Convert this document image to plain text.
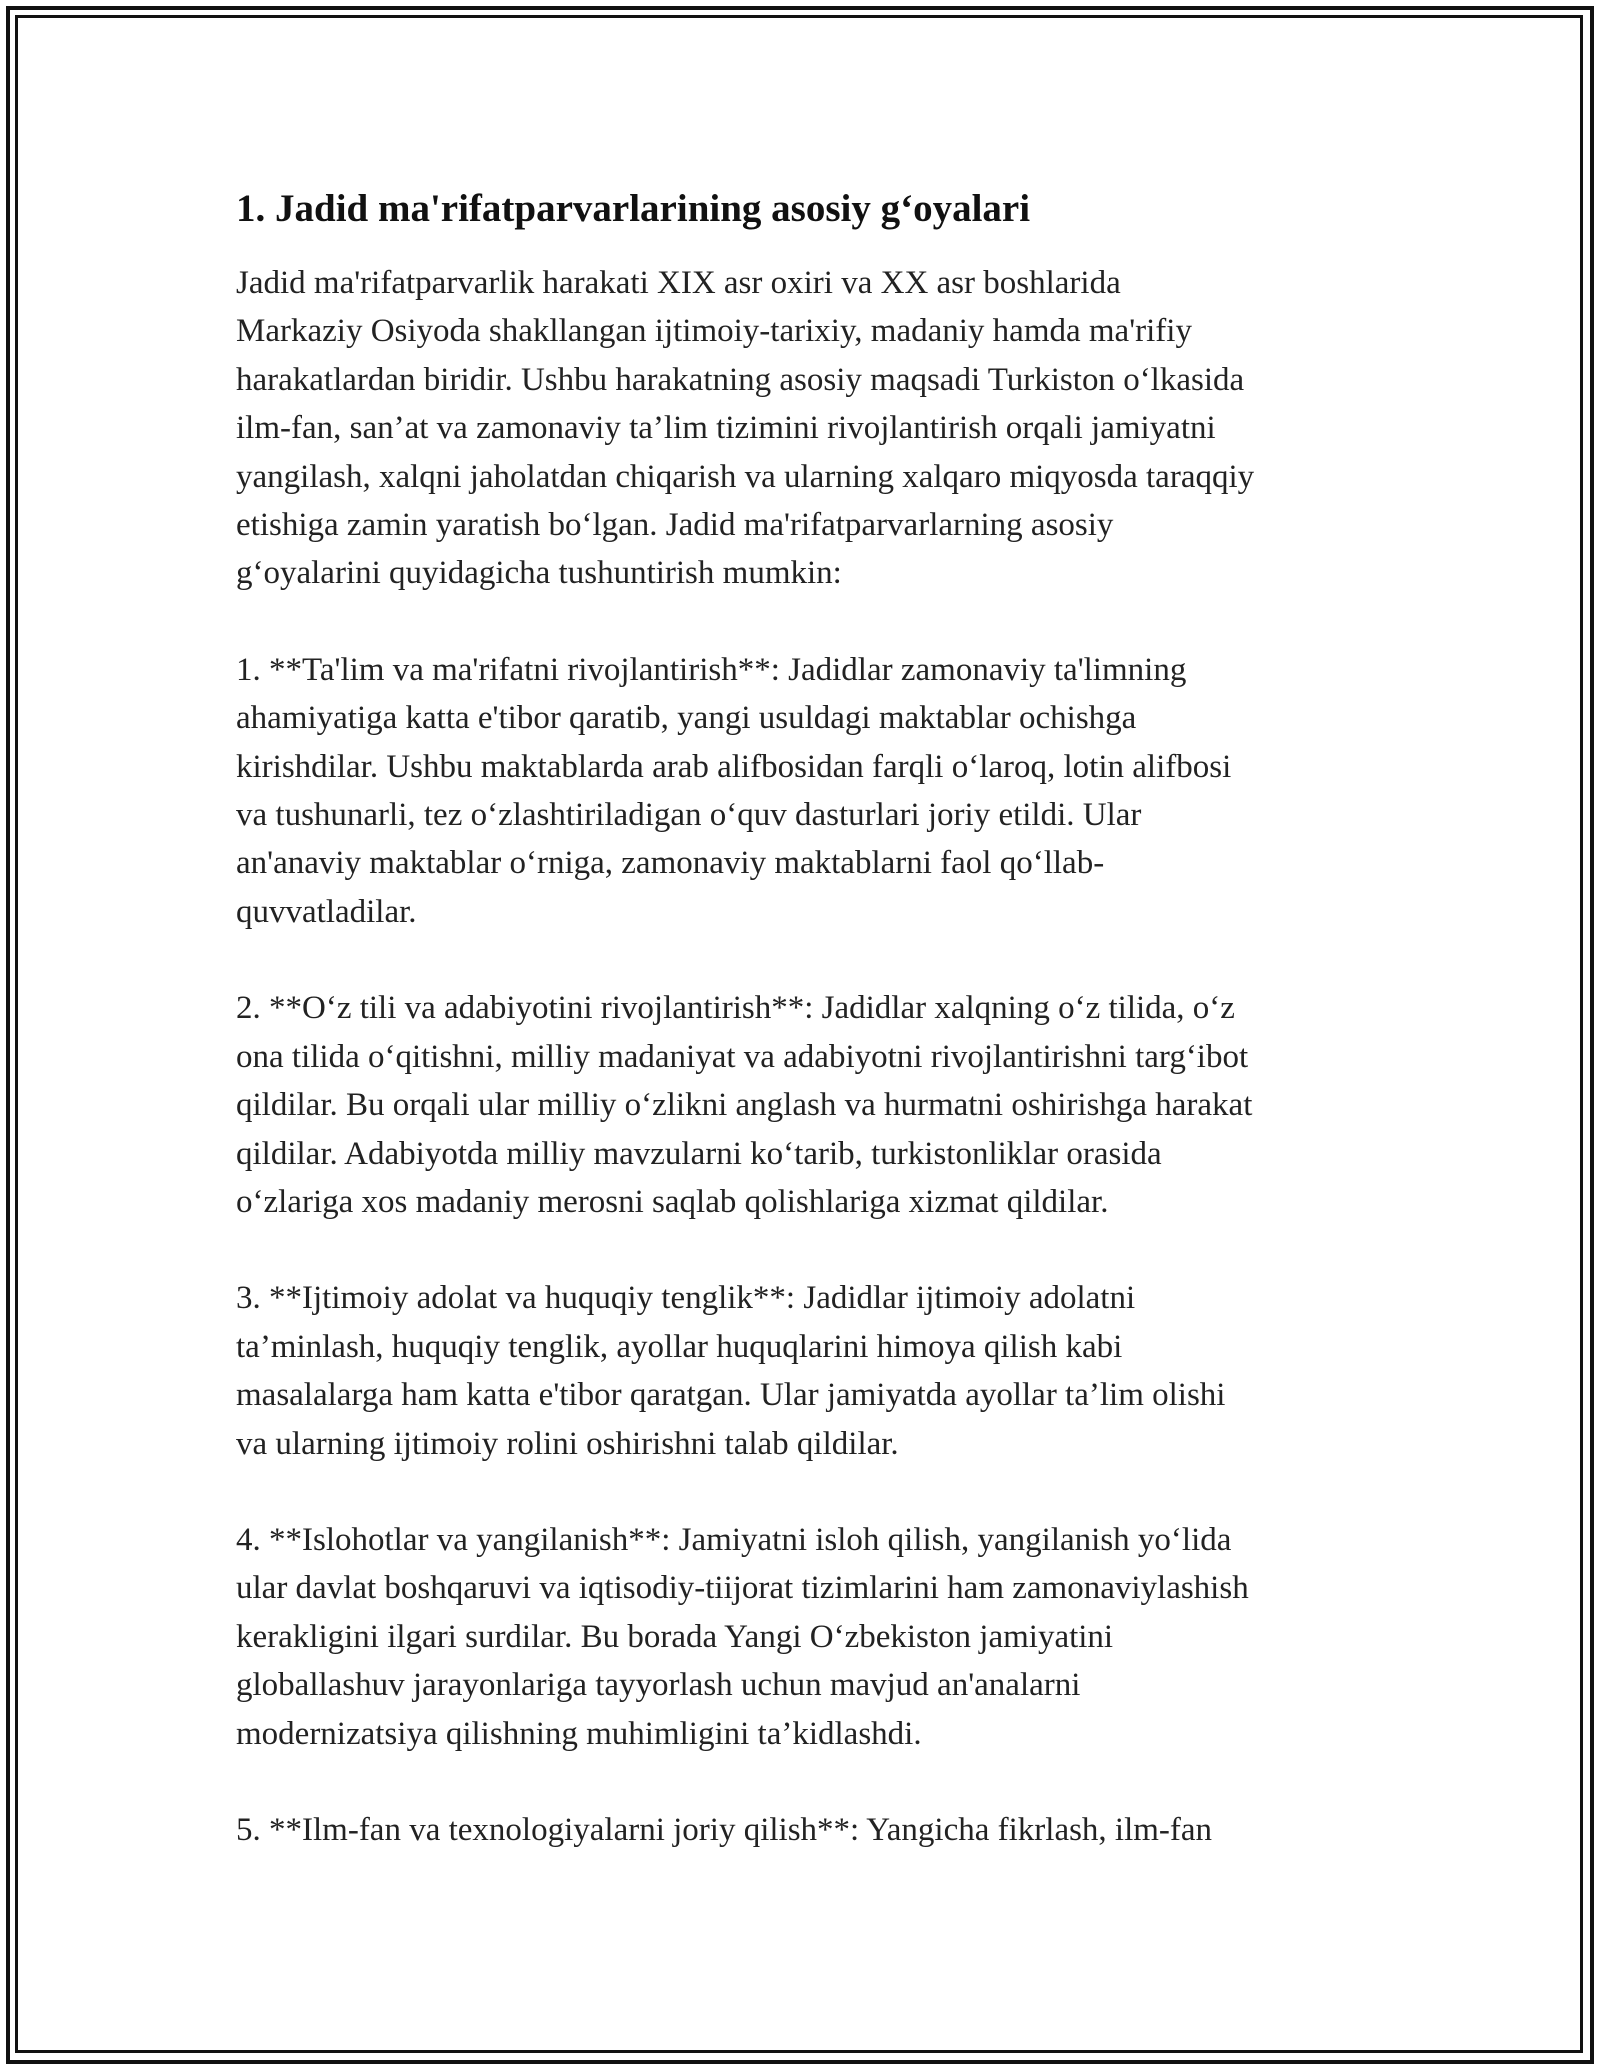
1. Jadid ma'rifatparvarlarining asosiy g‘oyalari

Jadid ma'rifatparvarlik harakati XIX asr oxiri va XX asr boshlarida
Markaziy Osiyoda shakllangan ijtimoiy-tarixiy, madaniy hamda ma'rifiy
harakatlardan biridir. Ushbu harakatning asosiy maqsadi Turkiston o‘lkasida
ilm-fan, san’at va zamonaviy ta’lim tizimini rivojlantirish orqali jamiyatni
yangilash, xalqni jaholatdan chiqarish va ularning xalqaro miqyosda taraqqiy
etishiga zamin yaratish bo‘lgan. Jadid ma'rifatparvarlarning asosiy
g‘oyalarini quyidagicha tushuntirish mumkin:

1. **Ta'lim va ma'rifatni rivojlantirish**: Jadidlar zamonaviy ta'limning
ahamiyatiga katta e'tibor qaratib, yangi usuldagi maktablar ochishga
kirishdilar. Ushbu maktablarda arab alifbosidan farqli o‘laroq, lotin alifbosi
va tushunarli, tez o‘zlashtiriladigan o‘quv dasturlari joriy etildi. Ular
an'anaviy maktablar o‘rniga, zamonaviy maktablarni faol qo‘llab-
quvvatladilar.

2. **O‘z tili va adabiyotini rivojlantirish**: Jadidlar xalqning o‘z tilida, o‘z
ona tilida o‘qitishni, milliy madaniyat va adabiyotni rivojlantirishni targ‘ibot
qildilar. Bu orqali ular milliy o‘zlikni anglash va hurmatni oshirishga harakat
qildilar. Adabiyotda milliy mavzularni ko‘tarib, turkistonliklar orasida
o‘zlariga xos madaniy merosni saqlab qolishlariga xizmat qildilar.

3. **Ijtimoiy adolat va huquqiy tenglik**: Jadidlar ijtimoiy adolatni
ta’minlash, huquqiy tenglik, ayollar huquqlarini himoya qilish kabi
masalalarga ham katta e'tibor qaratgan. Ular jamiyatda ayollar ta’lim olishi
va ularning ijtimoiy rolini oshirishni talab qildilar.

4. **Islohotlar va yangilanish**: Jamiyatni isloh qilish, yangilanish yo‘lida
ular davlat boshqaruvi va iqtisodiy-tiijorat tizimlarini ham zamonaviylashish
kerakligini ilgari surdilar. Bu borada Yangi O‘zbekiston jamiyatini
globallashuv jarayonlariga tayyorlash uchun mavjud an'analarni
modernizatsiya qilishning muhimligini ta’kidlashdi.

5. **Ilm-fan va texnologiyalarni joriy qilish**: Yangicha fikrlash, ilm-fan
